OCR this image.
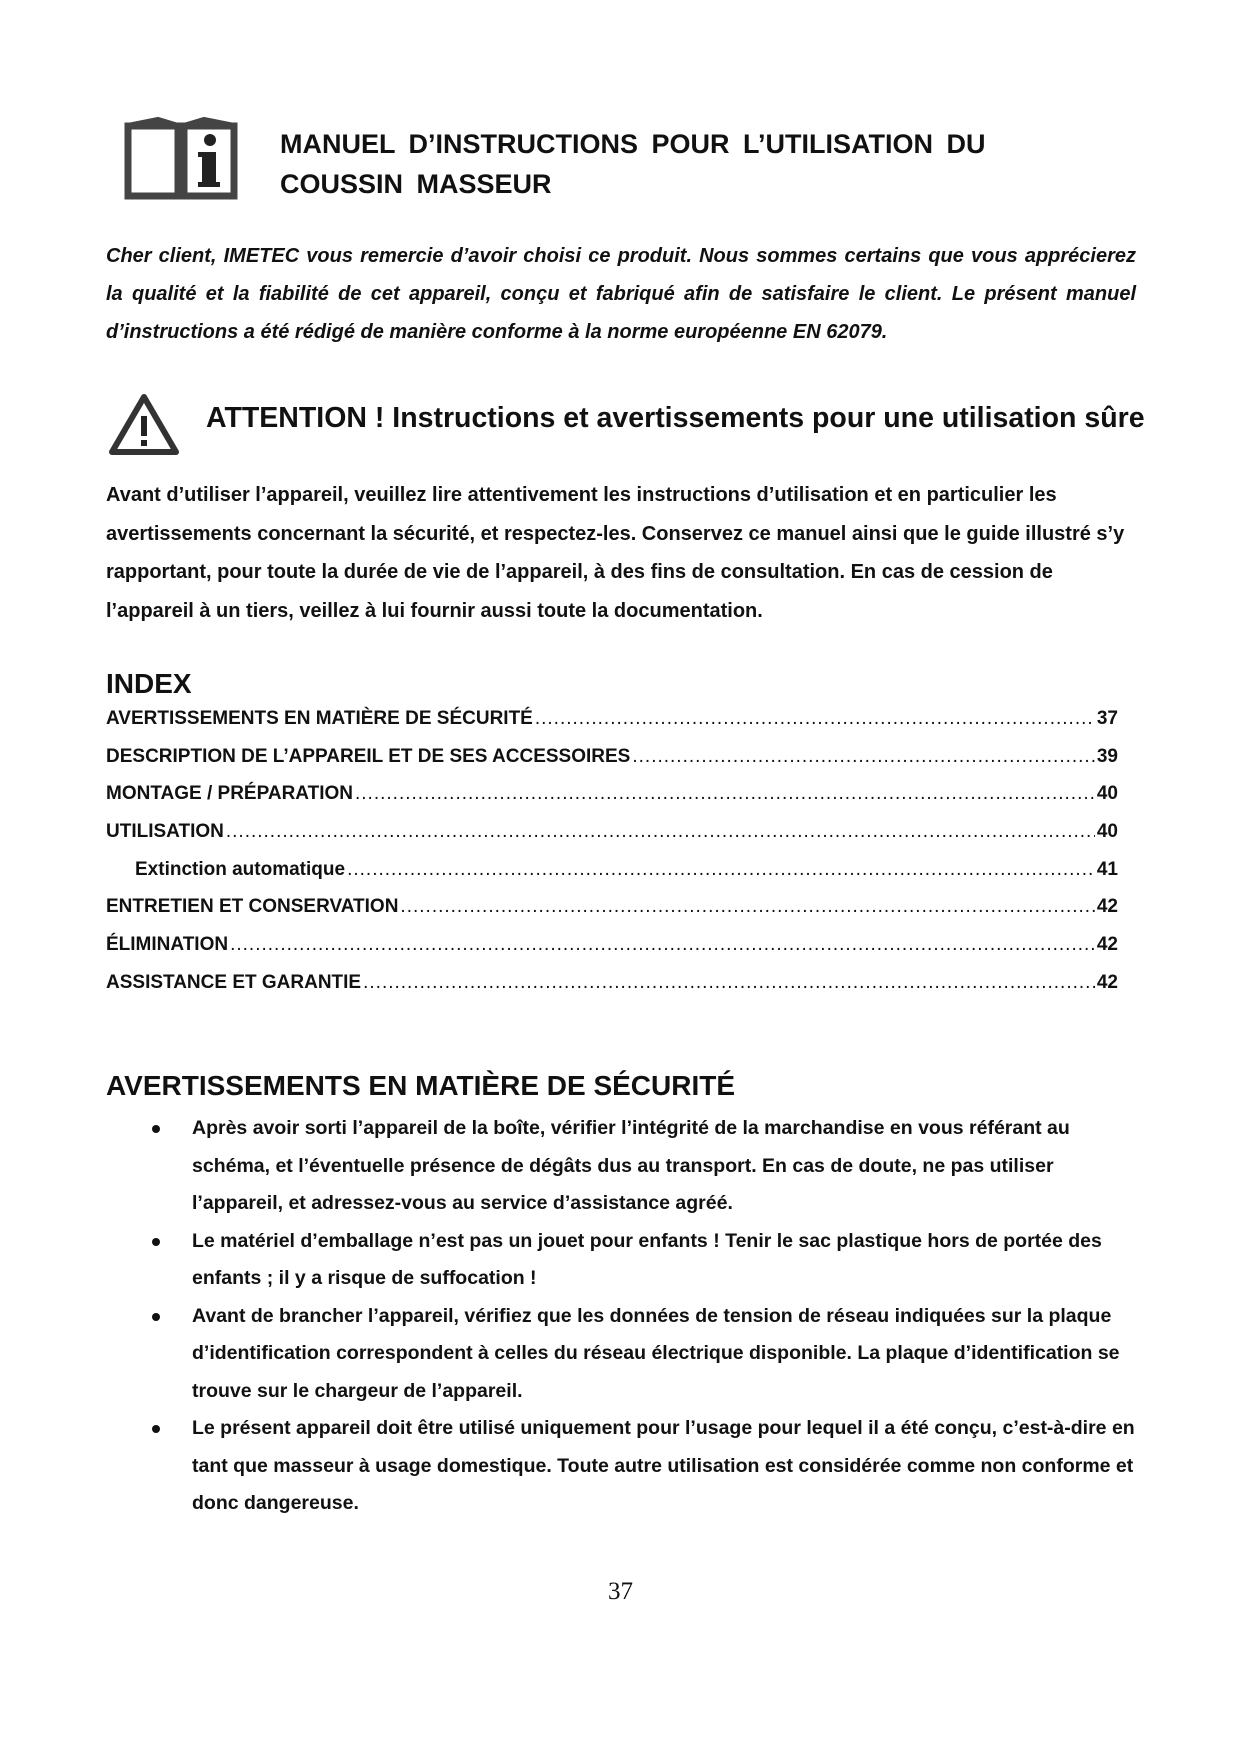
MANUEL D’INSTRUCTIONS POUR L’UTILISATION DU
COUSSIN MASSEUR

Cher client, IMETEC vous remercie d’avoir choisi ce produit. Nous sommes certains que vous apprécierez la qualité et la fiabilité de cet appareil, conçu et fabriqué afin de satisfaire le client. Le présent manuel d’instructions a été rédigé de manière conforme à la norme européenne EN 62079.

ATTENTION ! Instructions et avertissements pour une utilisation sûre

Avant d’utiliser l’appareil, veuillez lire attentivement les instructions d’utilisation et en particulier les avertissements concernant la sécurité, et respectez-les. Conservez ce manuel ainsi que le guide illustré s’y rapportant, pour toute la durée de vie de l’appareil, à des fins de consultation. En cas de cession de l’appareil à un tiers, veillez à lui fournir aussi toute la documentation.

INDEX
AVERTISSEMENTS EN MATIÈRE DE SÉCURITÉ .....	37
DESCRIPTION DE L’APPAREIL ET DE SES ACCESSOIRES .....	39
MONTAGE / PRÉPARATION .....	40
UTILISATION .....	40
Extinction automatique .....	41
ENTRETIEN ET CONSERVATION .....	42
ÉLIMINATION .....	42
ASSISTANCE ET GARANTIE .....	42
AVERTISSEMENTS EN MATIÈRE DE SÉCURITÉ
Après avoir sorti l’appareil de la boîte, vérifier l’intégrité de la marchandise en vous référant au schéma, et l’éventuelle présence de dégâts dus au transport. En cas de doute, ne pas utiliser l’appareil, et adressez-vous au service d’assistance agréé.
Le matériel d’emballage n’est pas un jouet pour enfants ! Tenir le sac plastique hors de portée des enfants ; il y a risque de suffocation !
Avant de brancher l’appareil, vérifiez que les données de tension de réseau indiquées sur la plaque d’identification correspondent à celles du réseau électrique disponible. La plaque d’identification se trouve sur le chargeur de l’appareil.
Le présent appareil doit être utilisé uniquement pour l’usage pour lequel il a été conçu, c’est-à-dire en tant que masseur à usage domestique. Toute autre utilisation est considérée comme non conforme et donc dangereuse.
37
